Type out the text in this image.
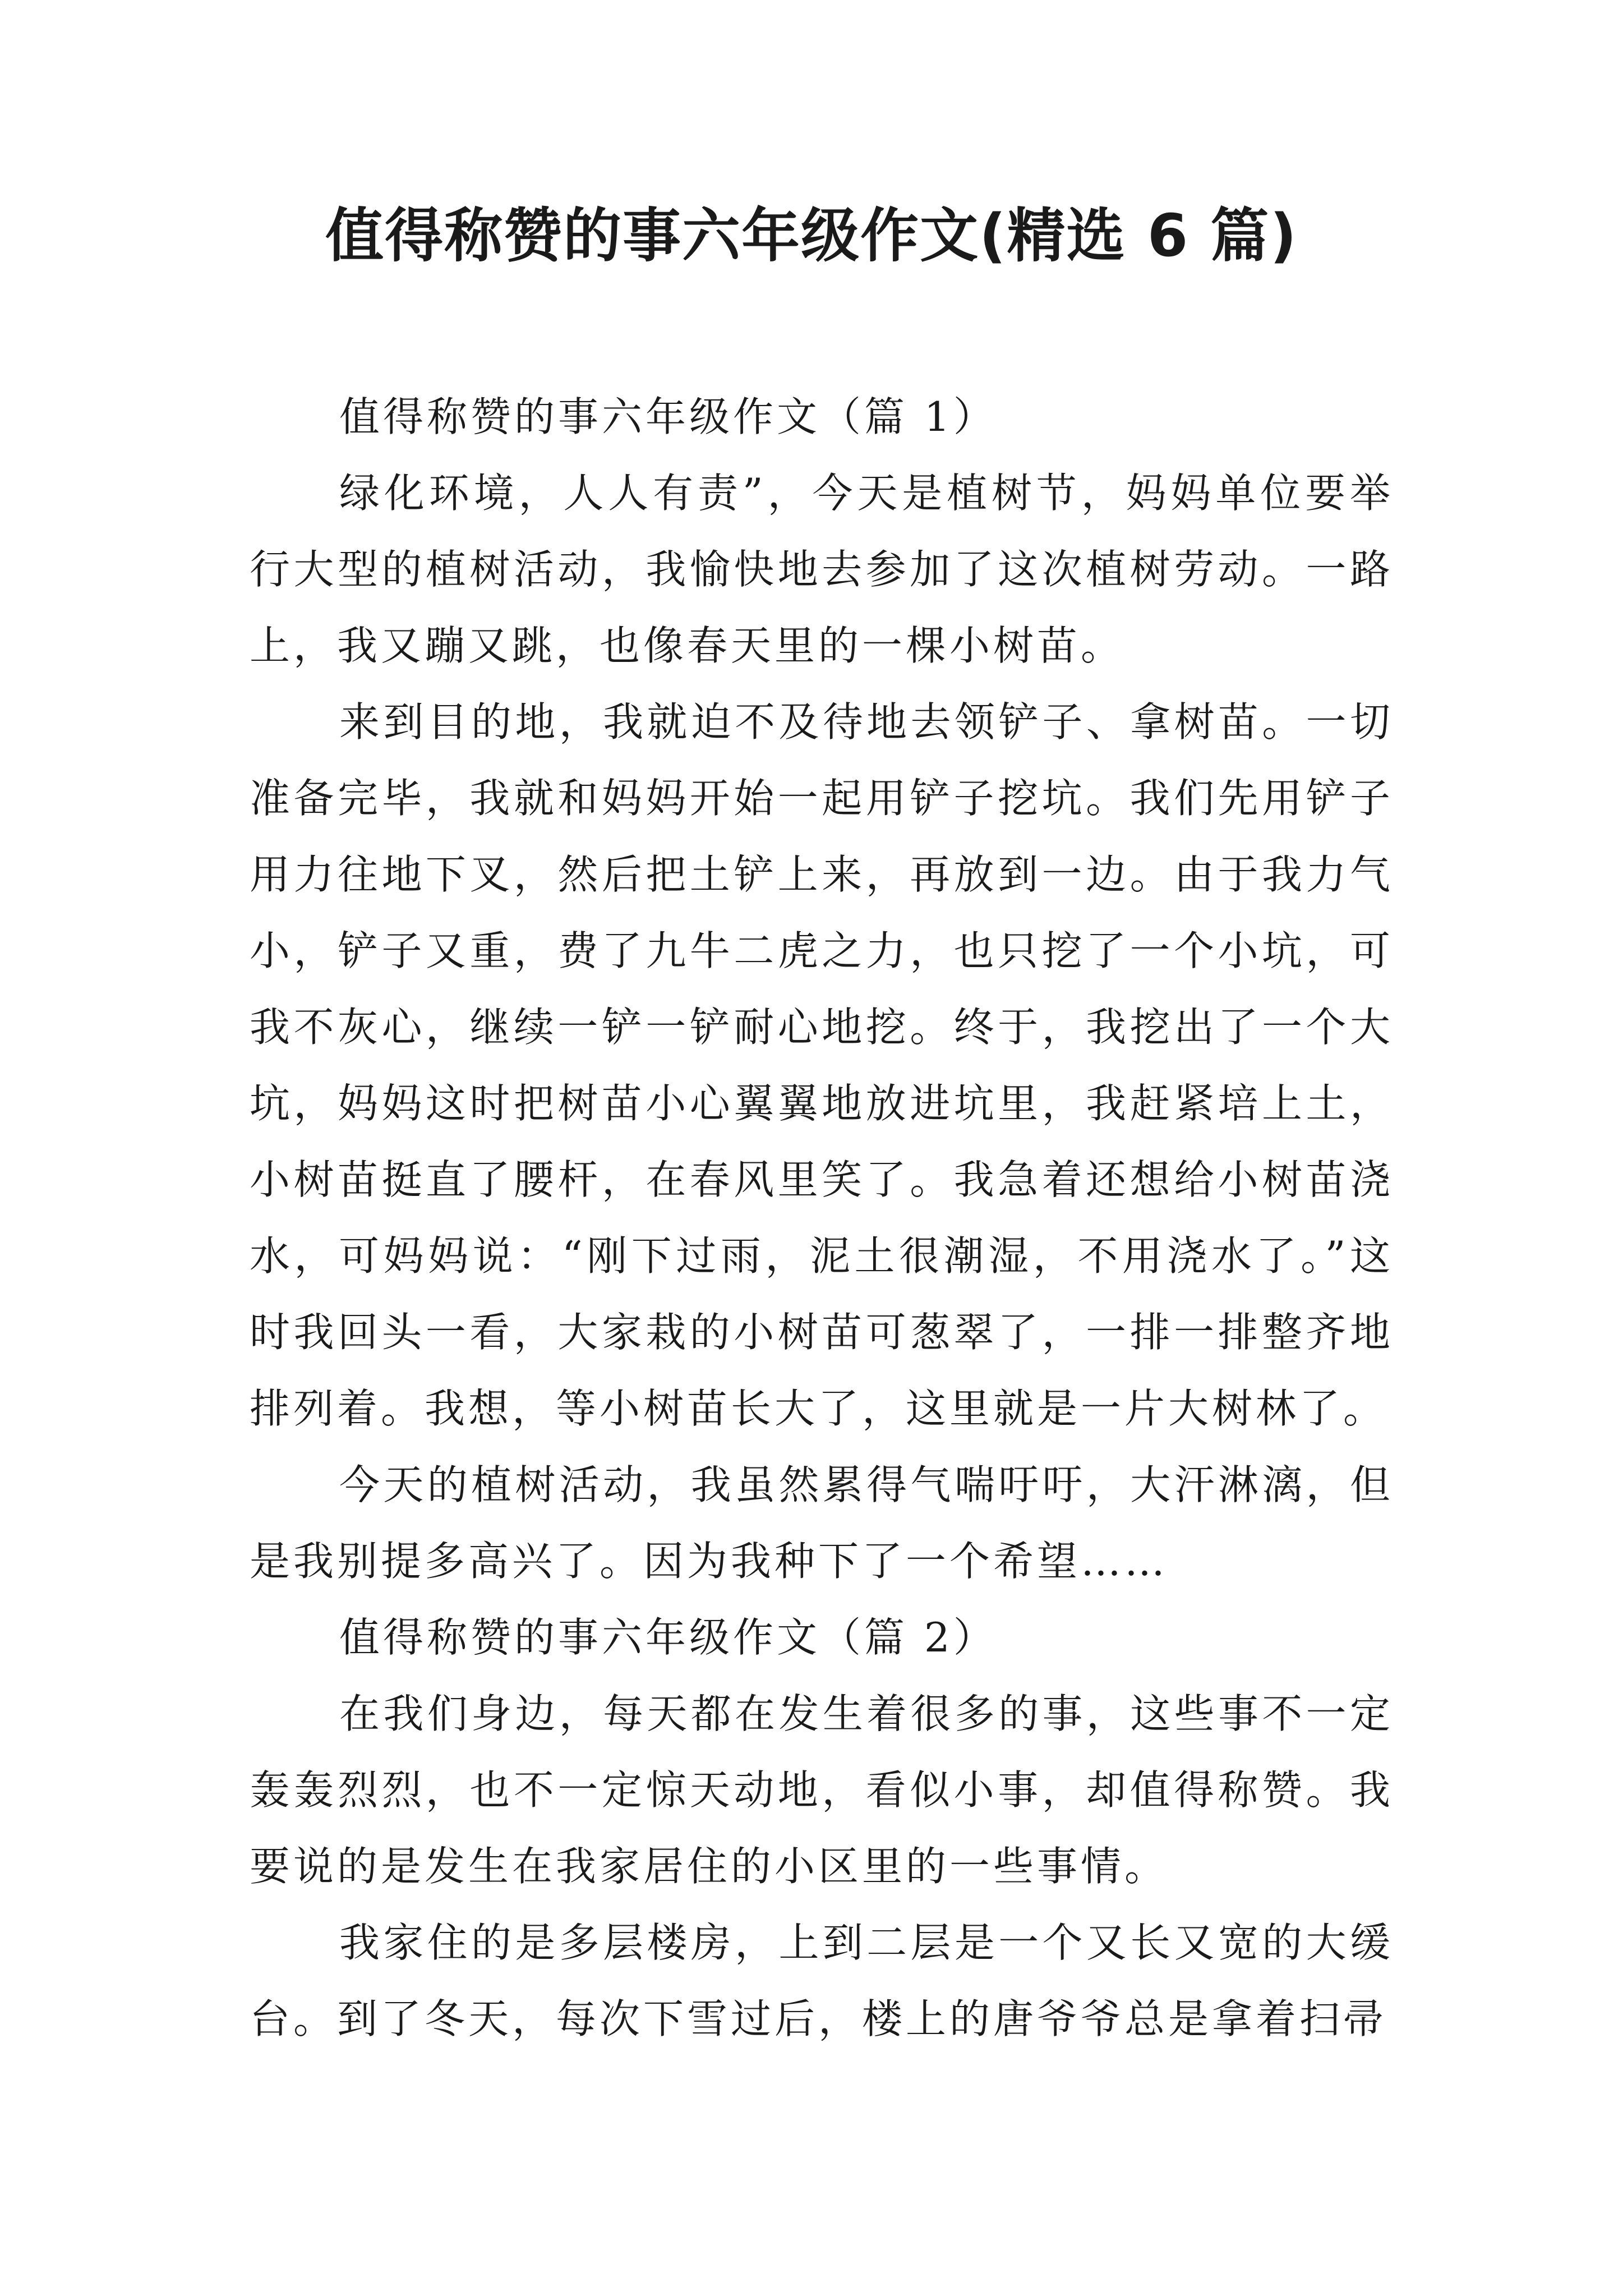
值得称赞的事六年级作文(精选 6 篇)

值得称赞的事六年级作文（篇 1）

绿化环境，人人有责”，今天是植树节，妈妈单位要举行大型的植树活动，我愉快地去参加了这次植树劳动。一路上，我又蹦又跳，也像春天里的一棵小树苗。

来到目的地，我就迫不及待地去领铲子、拿树苗。一切准备完毕，我就和妈妈开始一起用铲子挖坑。我们先用铲子用力往地下叉，然后把土铲上来，再放到一边。由于我力气小，铲子又重，费了九牛二虎之力，也只挖了一个小坑，可我不灰心，继续一铲一铲耐心地挖。终于，我挖出了一个大坑，妈妈这时把树苗小心翼翼地放进坑里，我赶紧培上土，小树苗挺直了腰杆，在春风里笑了。我急着还想给小树苗浇水，可妈妈说：“刚下过雨，泥土很潮湿，不用浇水了。”这时我回头一看，大家栽的小树苗可葱翠了，一排一排整齐地排列着。我想，等小树苗长大了，这里就是一片大树林了。

今天的植树活动，我虽然累得气喘吁吁，大汗淋漓，但是我别提多高兴了。因为我种下了一个希望……

值得称赞的事六年级作文（篇 2）

在我们身边，每天都在发生着很多的事，这些事不一定轰轰烈烈，也不一定惊天动地，看似小事，却值得称赞。我要说的是发生在我家居住的小区里的一些事情。

我家住的是多层楼房，上到二层是一个又长又宽的大缓台。到了冬天，每次下雪过后，楼上的唐爷爷总是拿着扫帚
